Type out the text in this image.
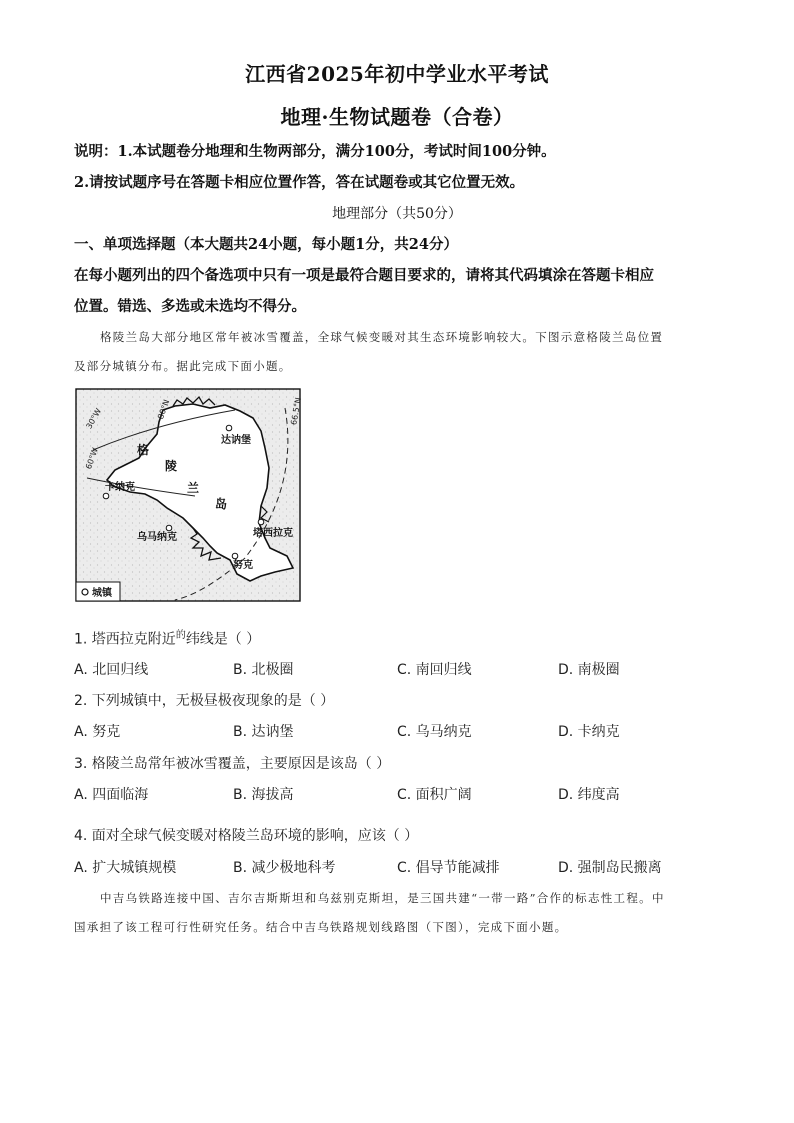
江西省2025年初中学业水平考试
地理·生物试题卷（合卷）
说明：1.本试题卷分地理和生物两部分，满分100分，考试时间100分钟。
2.请按试题序号在答题卡相应位置作答，答在试题卷或其它位置无效。
地理部分（共50分）
一、单项选择题（本大题共24小题，每小题1分，共24分）
在每小题列出的四个备选项中只有一项是最符合题目要求的，请将其代码填涂在答题卡相应
位置。错选、多选或未选均不得分。
格陵兰岛大部分地区常年被冰雪覆盖，全球气候变暖对其生态环境影响较大。下图示意格陵兰岛位置
及部分城镇分布。据此完成下面小题。
30°W	80°N
60°W
66.5°N
格
陵
兰
岛
达讷堡
卡纳克
塔西拉克
乌马纳克
努克
城镇
1. 塔西拉克附近$^的$纬线是（ ）
A. 北回归线	B. 北极圈	C. 南回归线	D. 南极圈
2. 下列城镇中，无极昼极夜现象的是（ ）
A. 努克	B. 达讷堡	C. 乌马纳克	D. 卡纳克
3. 格陵兰岛常年被冰雪覆盖，主要原因是该岛（ ）
A. 四面临海	B. 海拔高	C. 面积广阔	D. 纬度高
4. 面对全球气候变暖对格陵兰岛环境的影响，应该（ ）
A. 扩大城镇规模	B. 减少极地科考	C. 倡导节能减排	D. 强制岛民搬离
中吉乌铁路连接中国、吉尔吉斯斯坦和乌兹别克斯坦，是三国共建“一带一路”合作的标志性工程。中
国承担了该工程可行性研究任务。结合中吉乌铁路规划线路图（下图），完成下面小题。
